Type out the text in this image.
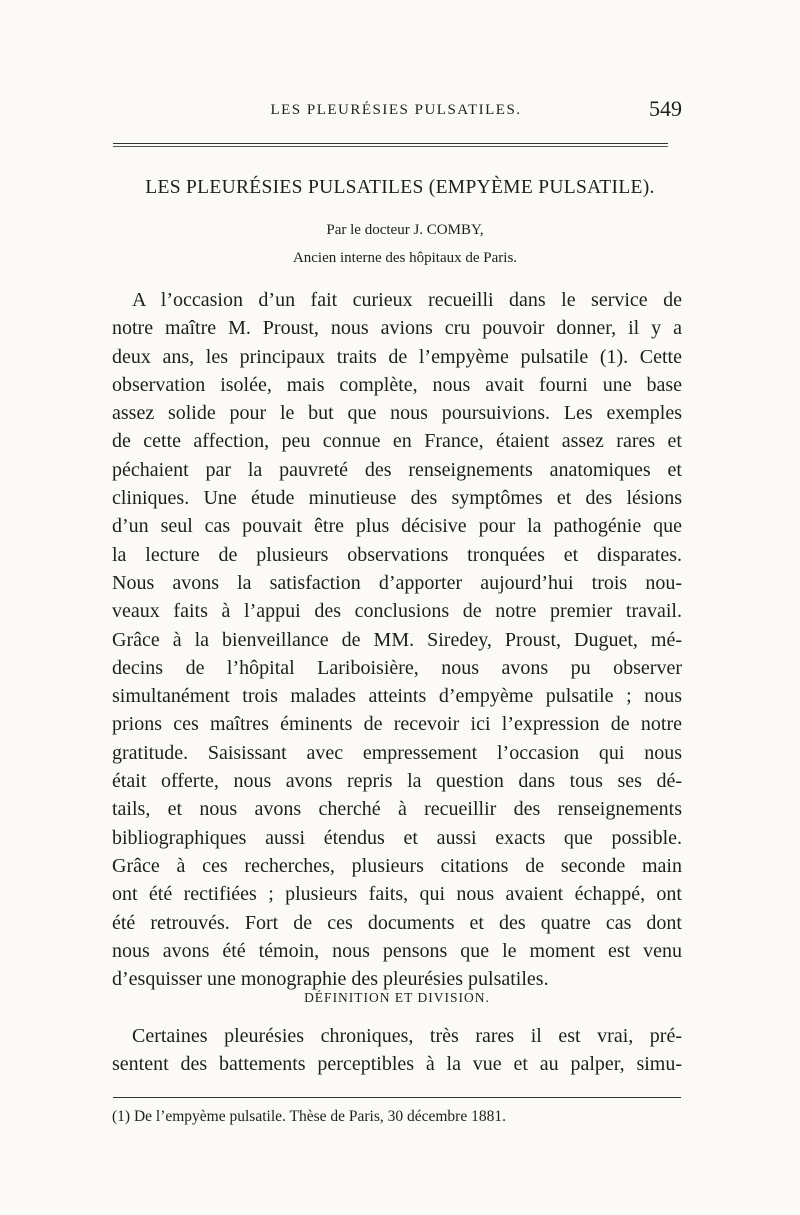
LES PLEURÉSIES PULSATILES.	549
LES PLEURÉSIES PULSATILES (EMPYÈME PULSATILE).
Par le docteur J. COMBY,
Ancien interne des hôpitaux de Paris.
A l’occasion d’un fait curieux recueilli dans le service de
notre maître M. Proust, nous avions cru pouvoir donner, il y a
deux ans, les principaux traits de l’empyème pulsatile (1). Cette
observation isolée, mais complète, nous avait fourni une base
assez solide pour le but que nous poursuivions. Les exemples
de cette affection, peu connue en France, étaient assez rares et
péchaient par la pauvreté des renseignements anatomiques et
cliniques. Une étude minutieuse des symptômes et des lésions
d’un seul cas pouvait être plus décisive pour la pathogénie que
la lecture de plusieurs observations tronquées et disparates.
Nous avons la satisfaction d’apporter aujourd’hui trois nou-
veaux faits à l’appui des conclusions de notre premier travail.
Grâce à la bienveillance de MM. Siredey, Proust, Duguet, mé-
decins de l’hôpital Lariboisière, nous avons pu observer
simultanément trois malades atteints d’empyème pulsatile ; nous
prions ces maîtres éminents de recevoir ici l’expression de notre
gratitude. Saisissant avec empressement l’occasion qui nous
était offerte, nous avons repris la question dans tous ses dé-
tails, et nous avons cherché à recueillir des renseignements
bibliographiques aussi étendus et aussi exacts que possible.
Grâce à ces recherches, plusieurs citations de seconde main
ont été rectifiées ; plusieurs faits, qui nous avaient échappé, ont
été retrouvés. Fort de ces documents et des quatre cas dont
nous avons été témoin, nous pensons que le moment est venu
d’esquisser une monographie des pleurésies pulsatiles.
DÉFINITION ET DIVISION.
Certaines pleurésies chroniques, très rares il est vrai, pré-
sentent des battements perceptibles à la vue et au palper, simu-
(1) De l’empyème pulsatile. Thèse de Paris, 30 décembre 1881.
